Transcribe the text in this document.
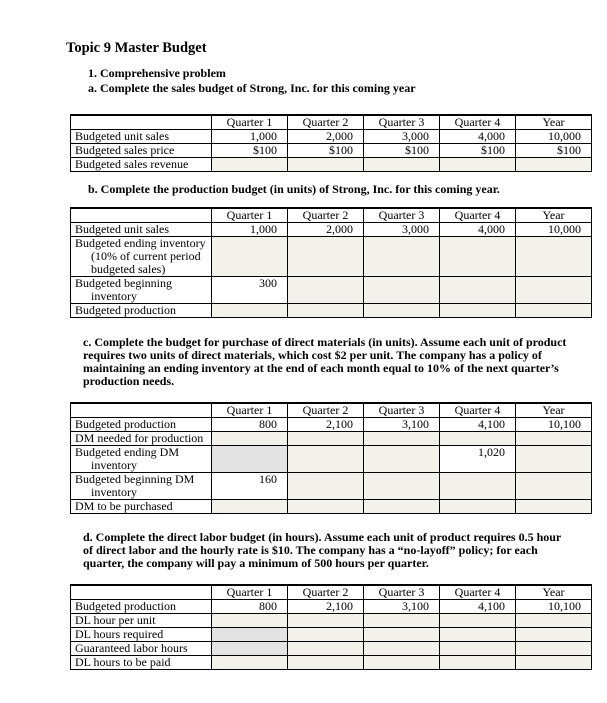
Topic 9 Master Budget
1. Comprehensive problem
a. Complete the sales budget of Strong, Inc. for this coming year
	Quarter 1	Quarter 2	Quarter 3	Quarter 4	Year
Budgeted unit sales	1,000	2,000	3,000	4,000	10,000
Budgeted sales price	$100	$100	$100	$100	$100
Budgeted sales revenue					
b. Complete the production budget (in units) of Strong, Inc. for this coming year.
	Quarter 1	Quarter 2	Quarter 3	Quarter 4	Year
Budgeted unit sales	1,000	2,000	3,000	4,000	10,000
Budgeted ending inventory
(10% of current period
budgeted sales)					

Budgeted beginning
inventory	300				
Budgeted production					
c. Complete the budget for purchase of direct materials (in units). Assume each unit of product requires two units of direct materials, which cost $2 per unit. The company has a policy of maintaining an ending inventory at the end of each month equal to 10% of the next quarter’s production needs.
	Quarter 1	Quarter 2	Quarter 3	Quarter 4	Year
Budgeted production	800	2,100	3,100	4,100	10,100
DM needed for production					
Budgeted ending DM
inventory				1,020	
Budgeted beginning DM
inventory	160				
DM to be purchased					
d. Complete the direct labor budget (in hours). Assume each unit of product requires 0.5 hour of direct labor and the hourly rate is $10. The company has a “no-layoff” policy; for each quarter, the company will pay a minimum of 500 hours per quarter.
	Quarter 1	Quarter 2	Quarter 3	Quarter 4	Year
Budgeted production	800	2,100	3,100	4,100	10,100
DL hour per unit					
DL hours required					
Guaranteed labor hours					
DL hours to be paid					
